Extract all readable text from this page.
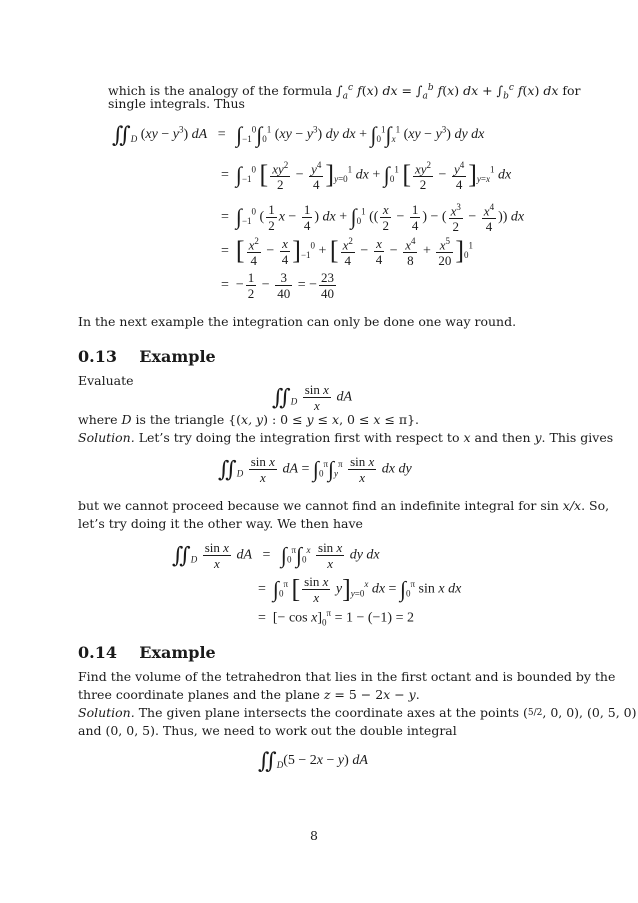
which is the analogy of the formula $\int_a^c$ f(x) dx = $\int_a^b$ f(x) dx + $\int_b^c$ f(x) dx for
single integrals. Thus
$∬_D$ $(xy - y^3)$ dA   =   $\int_{-1}^0\int_0^1$ $(xy - y^3)$ dy dx + $\int_0^1\int_x^1$ $(xy - y^3)$ dy dx
=  $\int_{-1}^0$ [ $\frac{xy^2}{2} - \frac{y^4}{4} ]_{y=0}^1$ dx + $\int_0^1$ [ $\frac{xy^2}{2} - \frac{y^4}{4} ]_{y=x}^1$ dx
=  $\int_{-1}^0$ ( $\frac{1}{2}$ $x - \frac{1}{4}$ ) dx + $\int_0^1$ (( $\frac{x}{2} - \frac{1}{4}$ ) − ( $\frac{x^3}{2} - \frac{x^4}{4}$ )) dx
=  [ $\frac{x^2}{4} - \frac{x}{4} ]_{-1}^0$ + [ $\frac{x^2}{4} - \frac{x}{4} - \frac{x^4}{8} + \frac{x^5}{20} ]_0^1$
=  − $\frac{1}{2} - \frac{3}{40}$ = − $\frac{23}{40}$
In the next example the integration can only be done one way round.
0.13 Example
Evaluate
$∬_D \frac{\text{sin x}}{x}$ dA
where D is the triangle {(x, y) : 0 ≤ y ≤ x, 0 ≤ x ≤ π}.
Solution. Let’s try doing the integration first with respect to x and then y. This gives
$∬_D \frac{\text{sin x}}{x}$ dA = $\int_0^\pi\int_y^\pi \frac{\text{sin x}}{x}$ dx dy
but we cannot proceed because we cannot find an indefinite integral for sin x/x. So,
let’s try doing it the other way. We then have
$∬_D \frac{\text{sin x}}{x}$ dA   =   $\int_0^\pi\int_0^x \frac{\text{sin x}}{x}$ dy dx
=  $\int_0^\pi$ [ $\frac{\text{sin x}}{x} y]_{y=0}^x$ dx = $\int_0^\pi$ sin x dx
=  [− $\cos x]_0^\pi = 1 - (-1) = 2$
0.14 Example
Find the volume of the tetrahedron that lies in the first octant and is bounded by the
three coordinate planes and the plane z = 5 − 2x − y.
Solution. The given plane intersects the coordinate axes at the points (5/2, 0, 0), (0, 5, 0)
and (0, 0, 5). Thus, we need to work out the double integral
$∬_D(5 - 2x - y)$ dA
8
